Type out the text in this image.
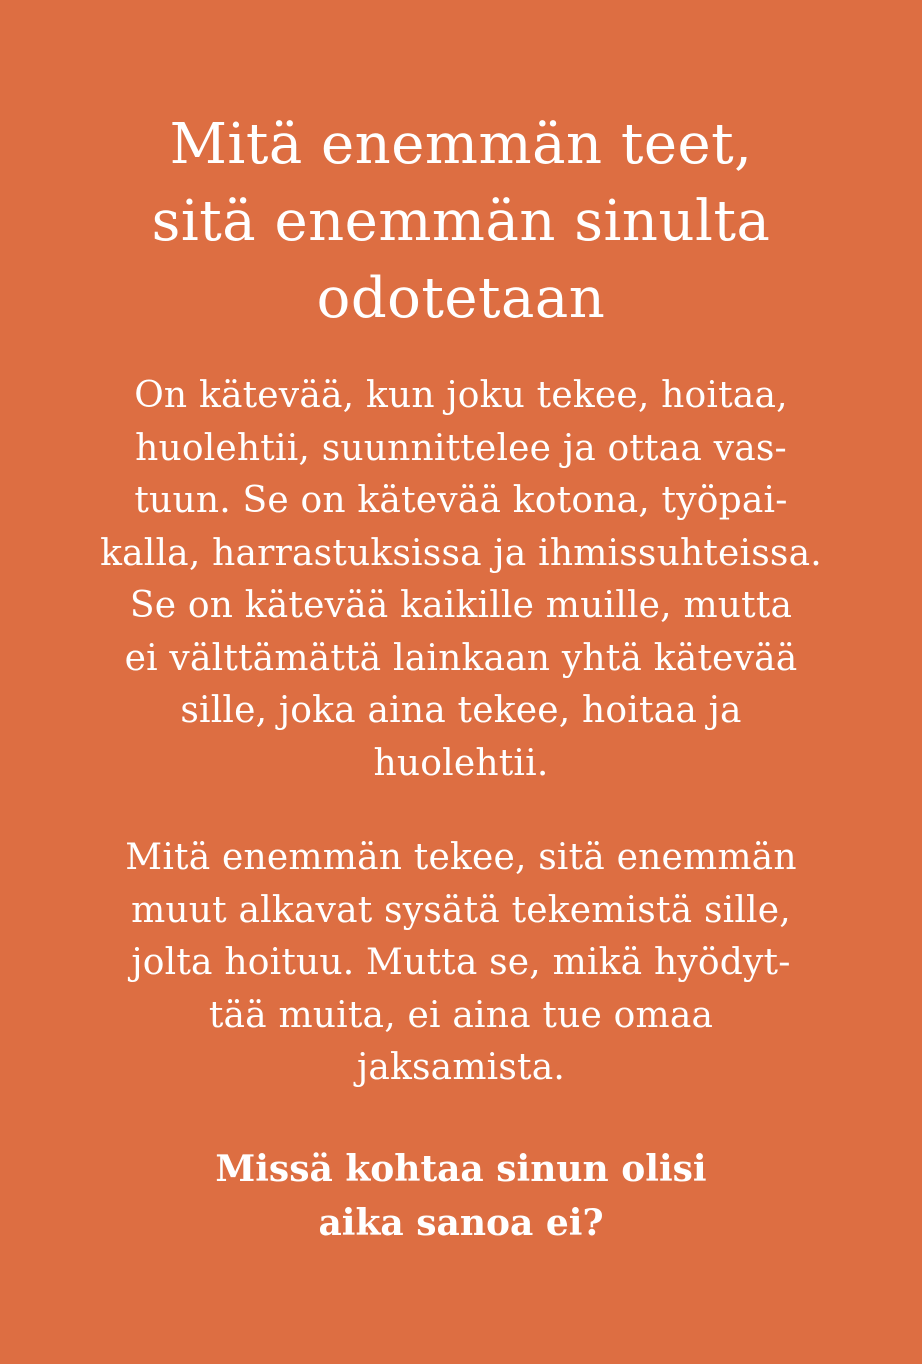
Mitä enemmän teet,
sitä enemmän sinulta
odotetaan

On kätevää, kun joku tekee, hoitaa,
huolehtii, suunnittelee ja ottaa vas-
tuun. Se on kätevää kotona, työpai-
kalla, harrastuksissa ja ihmissuhteissa.
Se on kätevää kaikille muille, mutta
ei välttämättä lainkaan yhtä kätevää
sille, joka aina tekee, hoitaa ja
huolehtii.

Mitä enemmän tekee, sitä enemmän
muut alkavat sysätä tekemistä sille,
jolta hoituu. Mutta se, mikä hyödyt-
tää muita, ei aina tue omaa
jaksamista.

Missä kohtaa sinun olisi
aika sanoa ei?
